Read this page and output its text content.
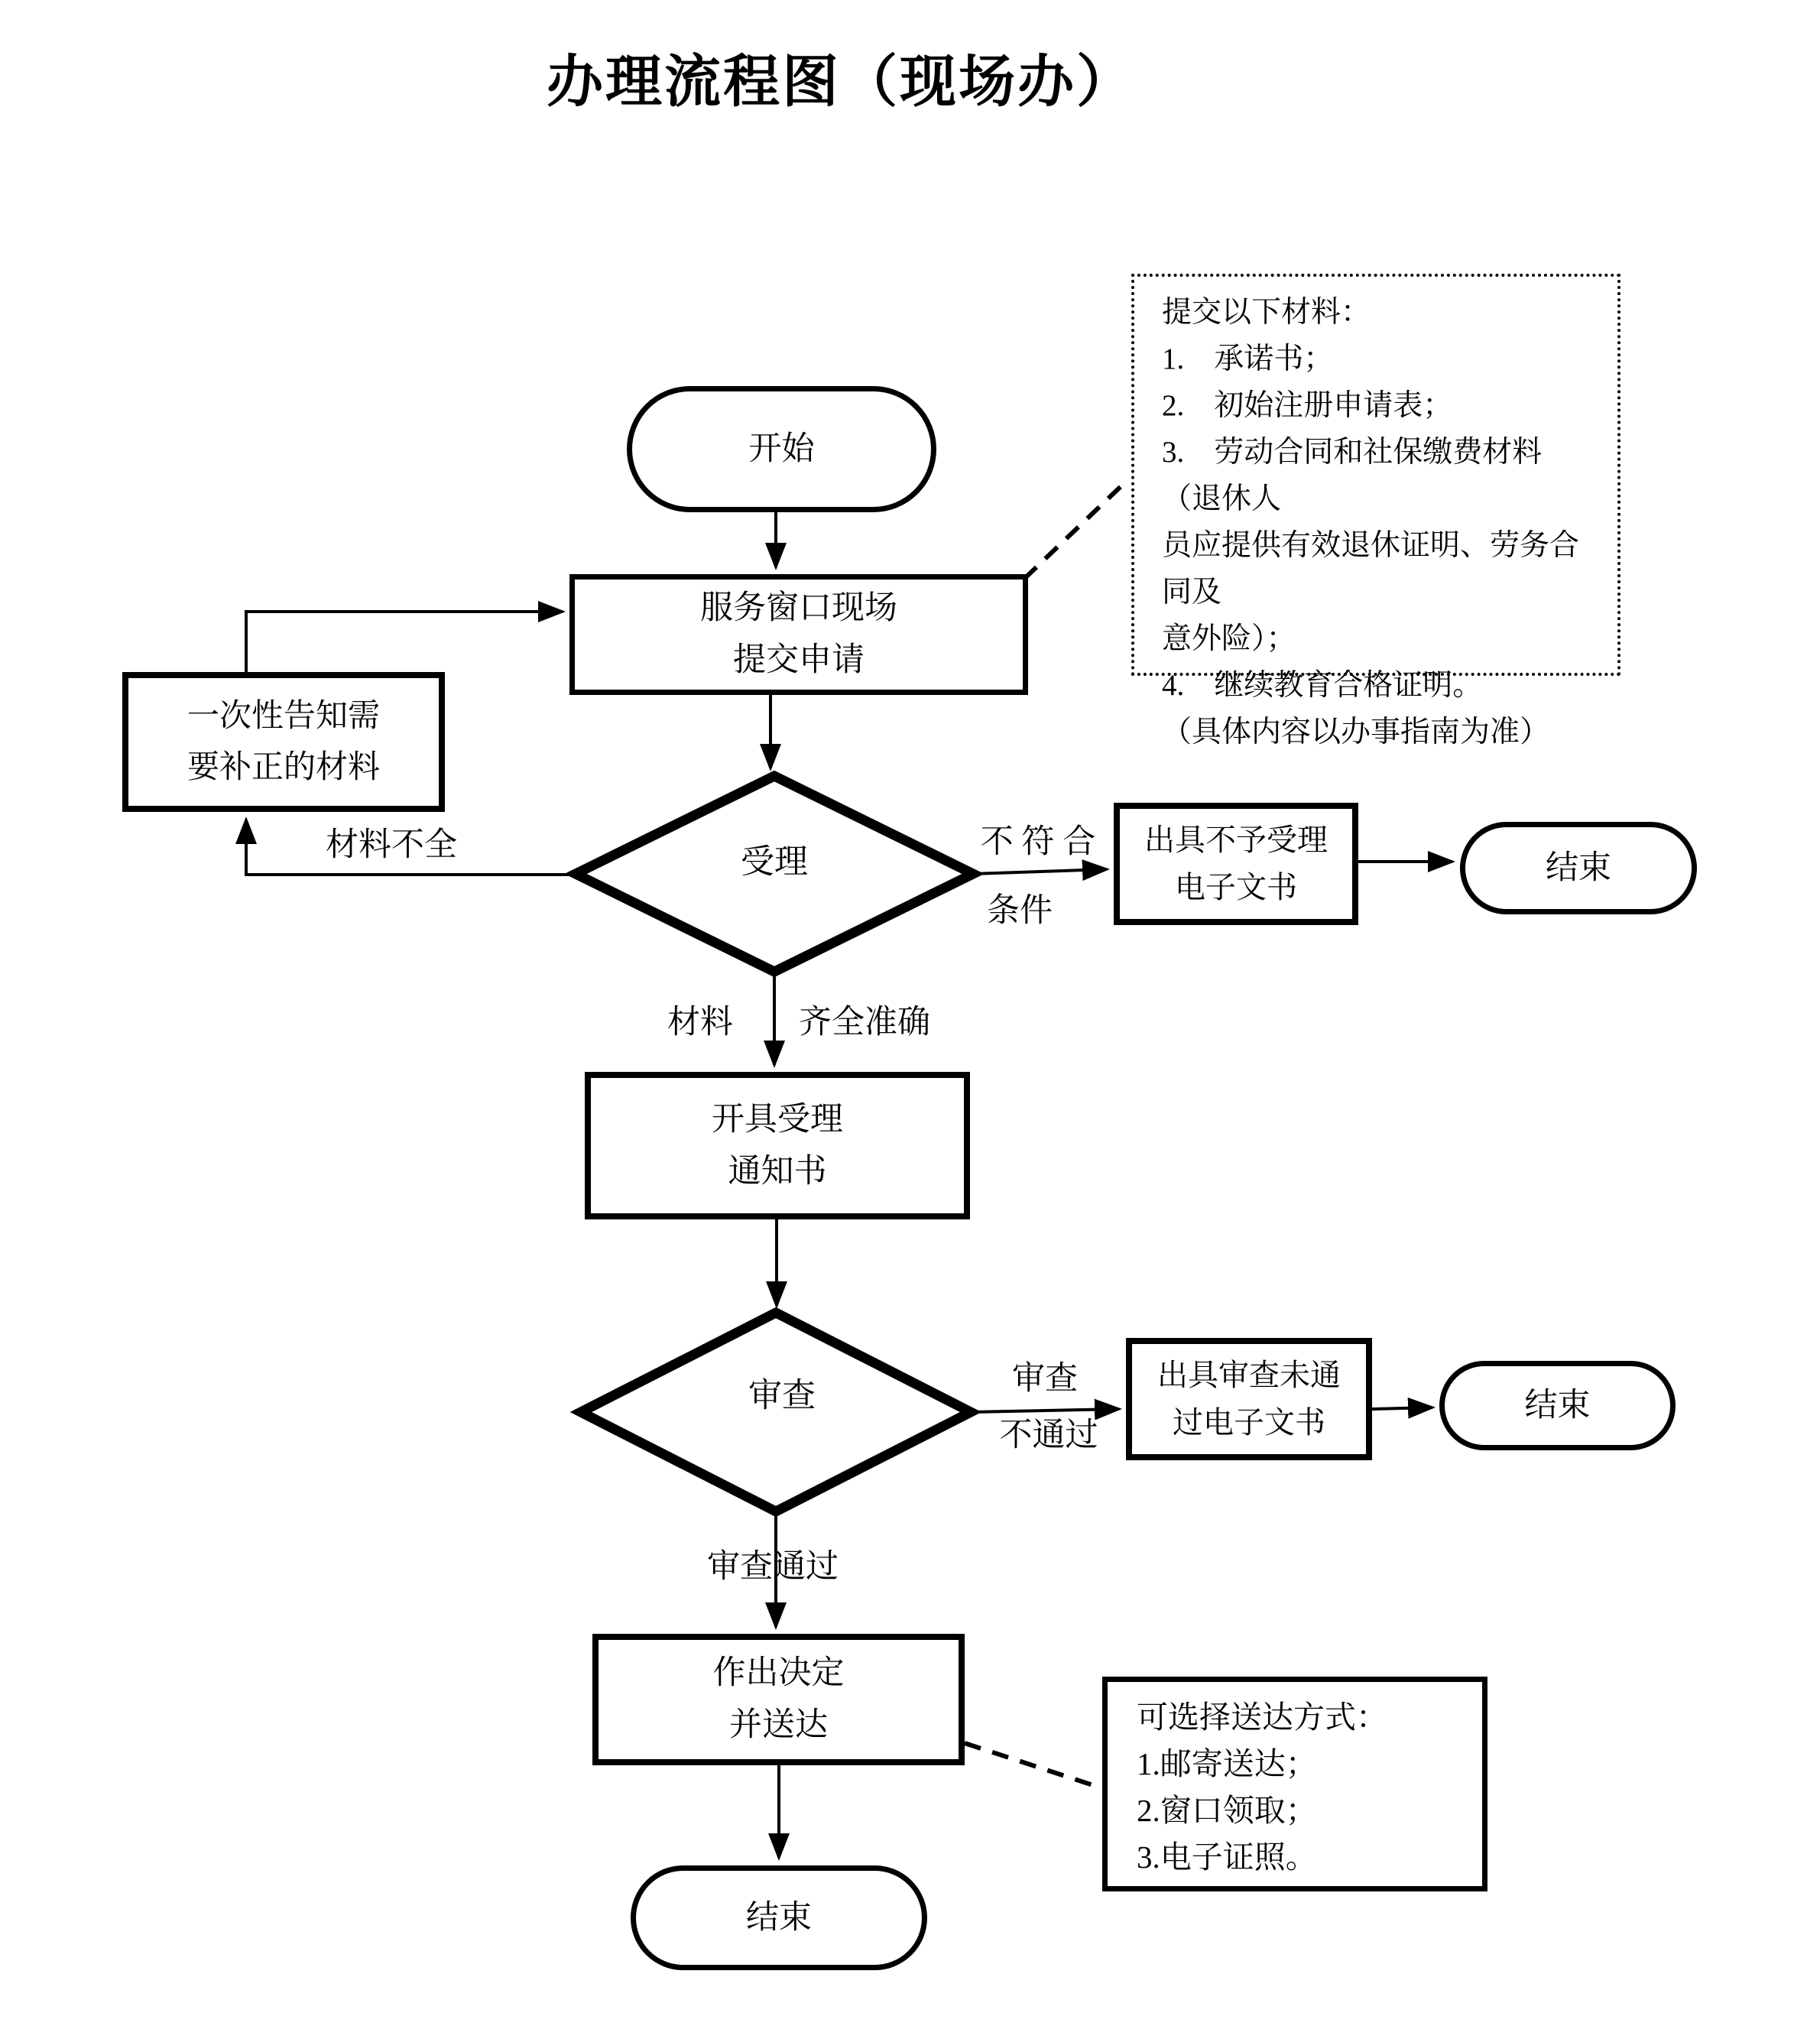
办理流程图（现场办）
开始
提交以下材料：
1.　承诺书；
2.　初始注册申请表；
3.　劳动合同和社保缴费材料（退休人
员应提供有效退休证明、劳务合同及
意外险）；
4.　继续教育合格证明。
（具体内容以办事指南为准）
服务窗口现场
提交申请
一次性告知需
要补正的材料
受理
出具不予受理
电子文书
结束
开具受理
通知书
审查
出具审查未通
过电子文书	结束
作出决定
并送达	可选择送达方式：
1.邮寄送达；
2.窗口领取；
3.电子证照。
结束
材料不全	不 符 合
条件
材料 齐全准确
审查
不通过
审查通过
